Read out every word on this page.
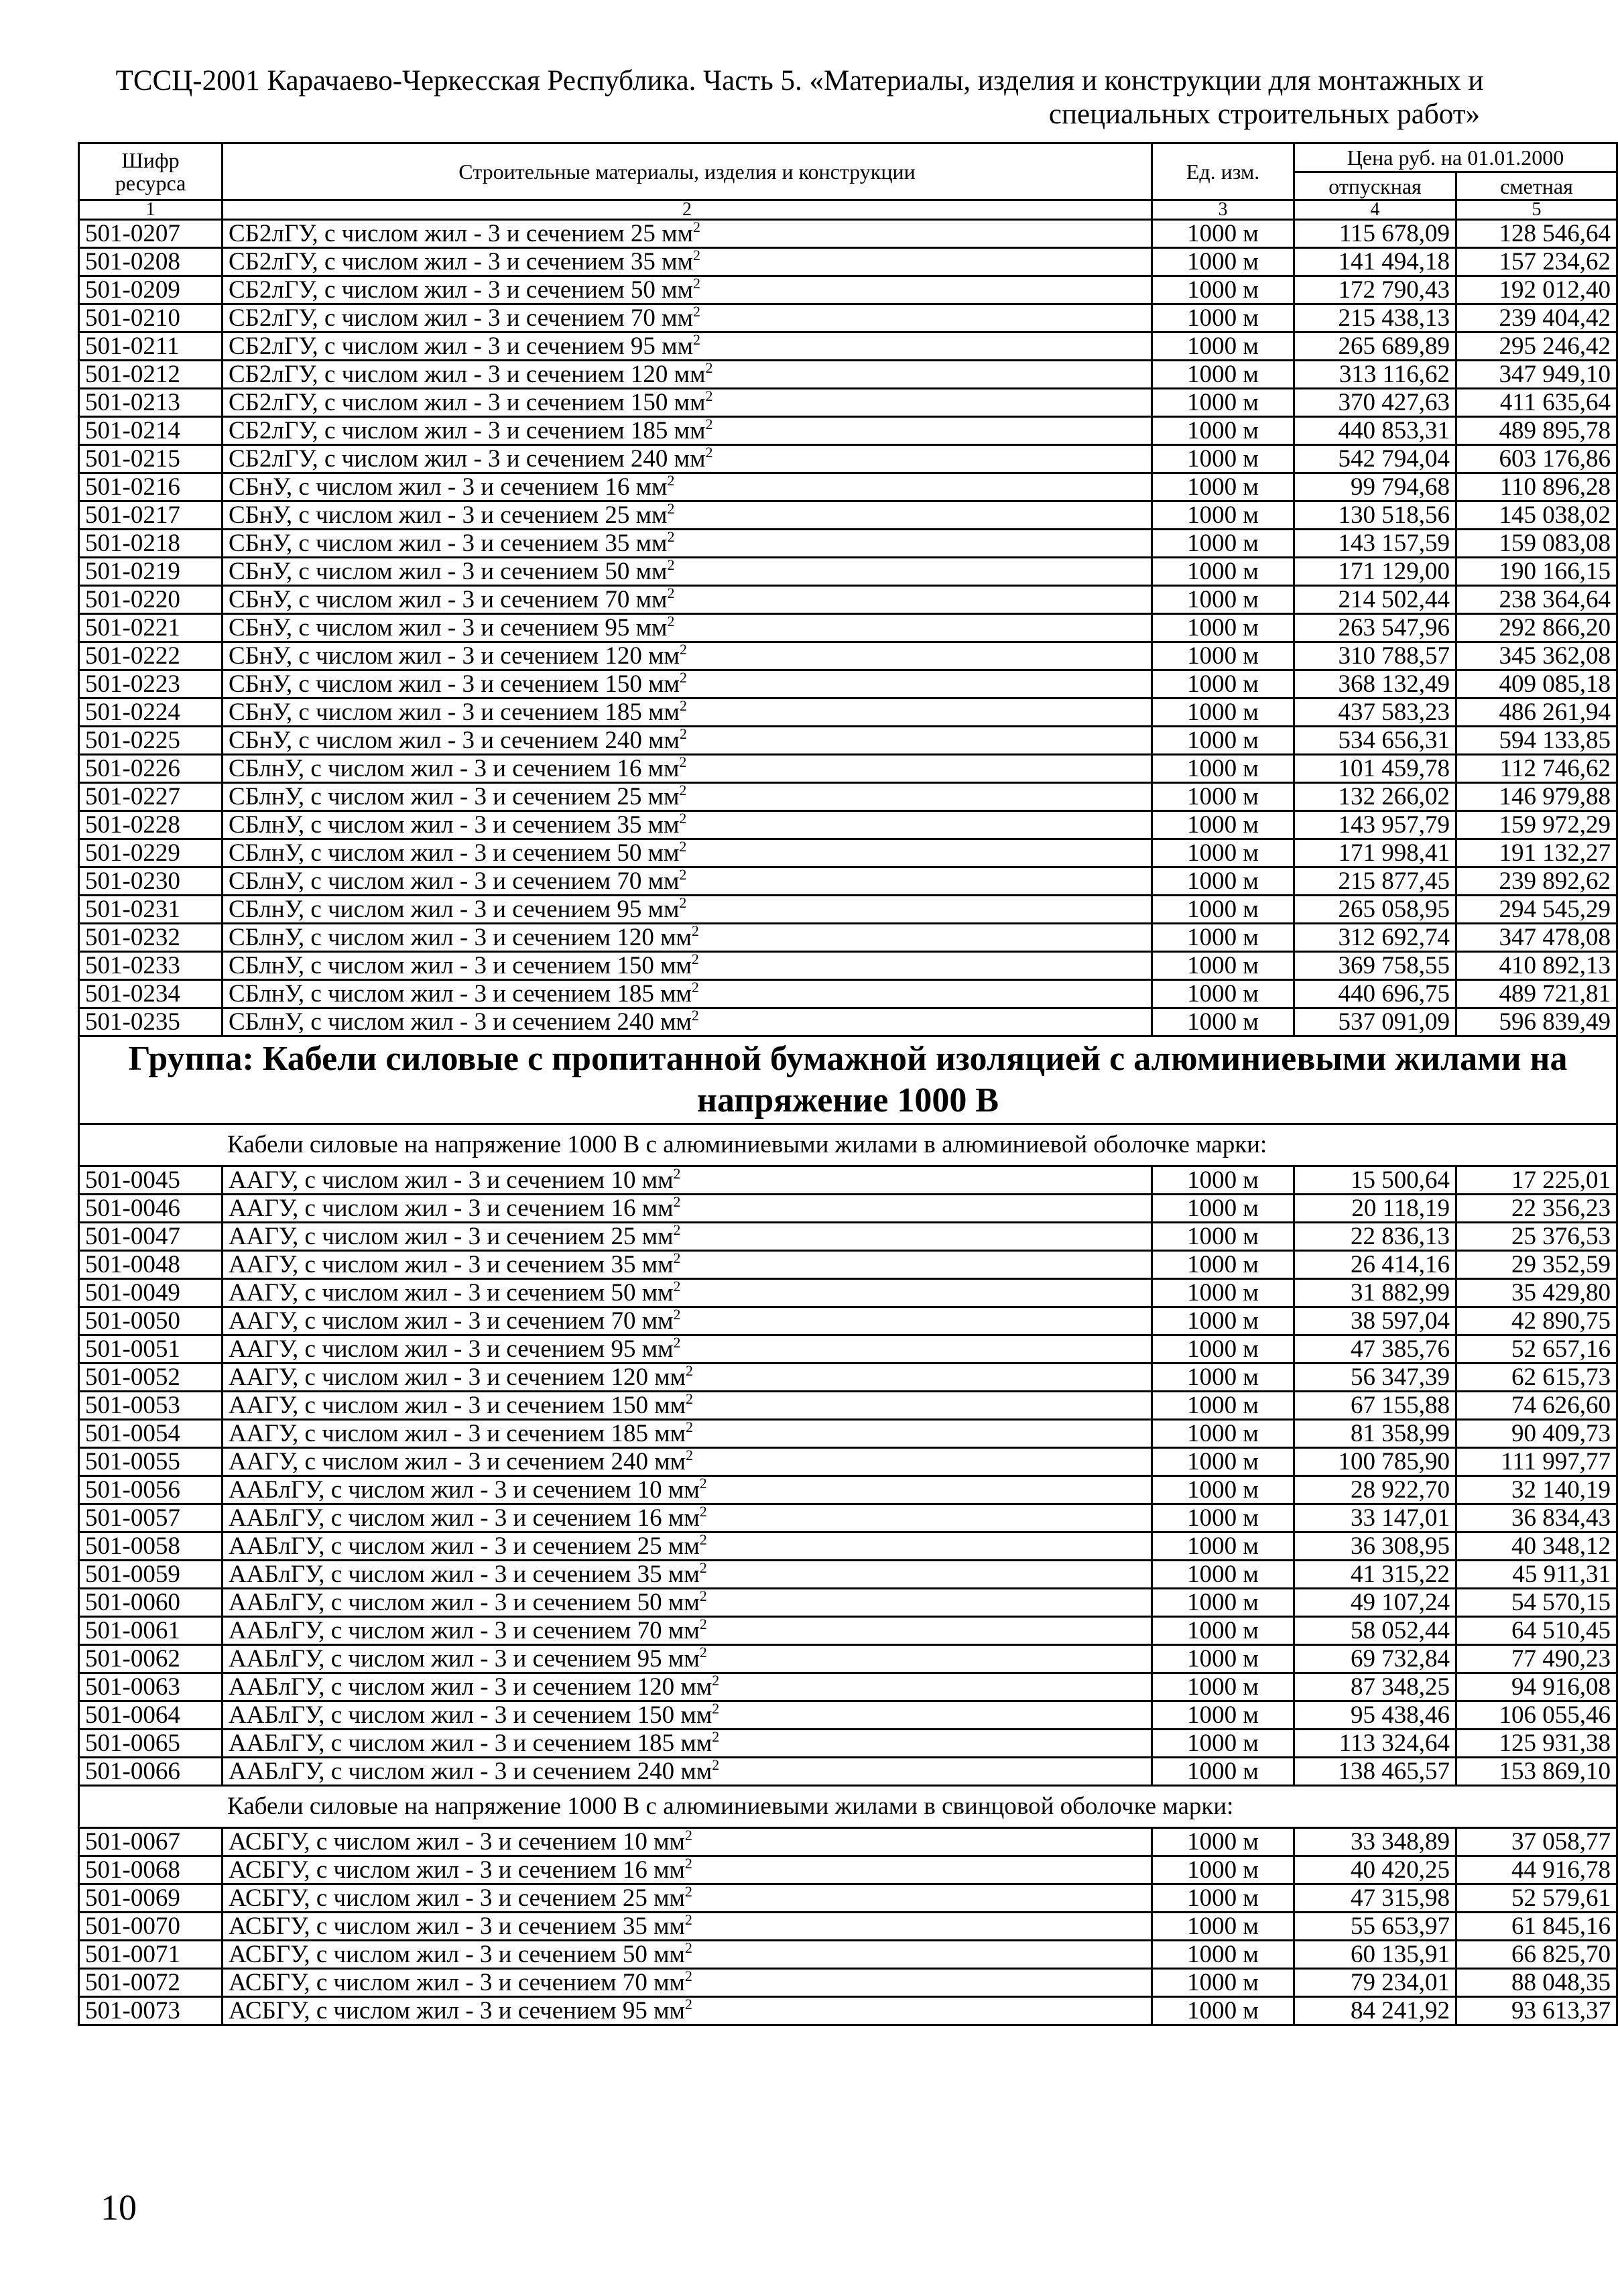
ТССЦ-2001 Карачаево-Черкесская Республика. Часть 5. «Материалы, изделия и конструкции для монтажных и
специальных строительных работ»
Шифр ресурса	Строительные материалы, изделия и конструкции	Ед. изм.	Цена руб. на 01.01.2000	
			отпускная	сметная
1	2	3	4	5
501-0207	СБ2лГУ, с числом жил - 3 и сечением 25 $мм^2$	1000 м	115 678,09	128 546,64
501-0208	СБ2лГУ, с числом жил - 3 и сечением 35 $мм^2$	1000 м	141 494,18	157 234,62
501-0209	СБ2лГУ, с числом жил - 3 и сечением 50 $мм^2$	1000 м	172 790,43	192 012,40
501-0210	СБ2лГУ, с числом жил - 3 и сечением 70 $мм^2$	1000 м	215 438,13	239 404,42
501-0211	СБ2лГУ, с числом жил - 3 и сечением 95 $мм^2$	1000 м	265 689,89	295 246,42
501-0212	СБ2лГУ, с числом жил - 3 и сечением 120 $мм^2$	1000 м	313 116,62	347 949,10
501-0213	СБ2лГУ, с числом жил - 3 и сечением 150 $мм^2$	1000 м	370 427,63	411 635,64
501-0214	СБ2лГУ, с числом жил - 3 и сечением 185 $мм^2$	1000 м	440 853,31	489 895,78
501-0215	СБ2лГУ, с числом жил - 3 и сечением 240 $мм^2$	1000 м	542 794,04	603 176,86
501-0216	СБнУ, с числом жил - 3 и сечением 16 $мм^2$	1000 м	99 794,68	110 896,28
501-0217	СБнУ, с числом жил - 3 и сечением 25 $мм^2$	1000 м	130 518,56	145 038,02
501-0218	СБнУ, с числом жил - 3 и сечением 35 $мм^2$	1000 м	143 157,59	159 083,08
501-0219	СБнУ, с числом жил - 3 и сечением 50 $мм^2$	1000 м	171 129,00	190 166,15
501-0220	СБнУ, с числом жил - 3 и сечением 70 $мм^2$	1000 м	214 502,44	238 364,64
501-0221	СБнУ, с числом жил - 3 и сечением 95 $мм^2$	1000 м	263 547,96	292 866,20
501-0222	СБнУ, с числом жил - 3 и сечением 120 $мм^2$	1000 м	310 788,57	345 362,08
501-0223	СБнУ, с числом жил - 3 и сечением 150 $мм^2$	1000 м	368 132,49	409 085,18
501-0224	СБнУ, с числом жил - 3 и сечением 185 $мм^2$	1000 м	437 583,23	486 261,94
501-0225	СБнУ, с числом жил - 3 и сечением 240 $мм^2$	1000 м	534 656,31	594 133,85
501-0226	СБлнУ, с числом жил - 3 и сечением 16 $мм^2$	1000 м	101 459,78	112 746,62
501-0227	СБлнУ, с числом жил - 3 и сечением 25 $мм^2$	1000 м	132 266,02	146 979,88
501-0228	СБлнУ, с числом жил - 3 и сечением 35 $мм^2$	1000 м	143 957,79	159 972,29
501-0229	СБлнУ, с числом жил - 3 и сечением 50 $мм^2$	1000 м	171 998,41	191 132,27
501-0230	СБлнУ, с числом жил - 3 и сечением 70 $мм^2$	1000 м	215 877,45	239 892,62
501-0231	СБлнУ, с числом жил - 3 и сечением 95 $мм^2$	1000 м	265 058,95	294 545,29
501-0232	СБлнУ, с числом жил - 3 и сечением 120 $мм^2$	1000 м	312 692,74	347 478,08
501-0233	СБлнУ, с числом жил - 3 и сечением 150 $мм^2$	1000 м	369 758,55	410 892,13
501-0234	СБлнУ, с числом жил - 3 и сечением 185 $мм^2$	1000 м	440 696,75	489 721,81
501-0235	СБлнУ, с числом жил - 3 и сечением 240 $мм^2$	1000 м	537 091,09	596 839,49
Группа: Кабели силовые с пропитанной бумажной изоляцией с алюминиевыми жилами на напряжение 1000 В				
Кабели силовые на напряжение 1000 В с алюминиевыми жилами в алюминиевой оболочке марки:				
501-0045	ААГУ, с числом жил - 3 и сечением 10 $мм^2$	1000 м	15 500,64	17 225,01
501-0046	ААГУ, с числом жил - 3 и сечением 16 $мм^2$	1000 м	20 118,19	22 356,23
501-0047	ААГУ, с числом жил - 3 и сечением 25 $мм^2$	1000 м	22 836,13	25 376,53
501-0048	ААГУ, с числом жил - 3 и сечением 35 $мм^2$	1000 м	26 414,16	29 352,59
501-0049	ААГУ, с числом жил - 3 и сечением 50 $мм^2$	1000 м	31 882,99	35 429,80
501-0050	ААГУ, с числом жил - 3 и сечением 70 $мм^2$	1000 м	38 597,04	42 890,75
501-0051	ААГУ, с числом жил - 3 и сечением 95 $мм^2$	1000 м	47 385,76	52 657,16
501-0052	ААГУ, с числом жил - 3 и сечением 120 $мм^2$	1000 м	56 347,39	62 615,73
501-0053	ААГУ, с числом жил - 3 и сечением 150 $мм^2$	1000 м	67 155,88	74 626,60
501-0054	ААГУ, с числом жил - 3 и сечением 185 $мм^2$	1000 м	81 358,99	90 409,73
501-0055	ААГУ, с числом жил - 3 и сечением 240 $мм^2$	1000 м	100 785,90	111 997,77
501-0056	ААБлГУ, с числом жил - 3 и сечением 10 $мм^2$	1000 м	28 922,70	32 140,19
501-0057	ААБлГУ, с числом жил - 3 и сечением 16 $мм^2$	1000 м	33 147,01	36 834,43
501-0058	ААБлГУ, с числом жил - 3 и сечением 25 $мм^2$	1000 м	36 308,95	40 348,12
501-0059	ААБлГУ, с числом жил - 3 и сечением 35 $мм^2$	1000 м	41 315,22	45 911,31
501-0060	ААБлГУ, с числом жил - 3 и сечением 50 $мм^2$	1000 м	49 107,24	54 570,15
501-0061	ААБлГУ, с числом жил - 3 и сечением 70 $мм^2$	1000 м	58 052,44	64 510,45
501-0062	ААБлГУ, с числом жил - 3 и сечением 95 $мм^2$	1000 м	69 732,84	77 490,23
501-0063	ААБлГУ, с числом жил - 3 и сечением 120 $мм^2$	1000 м	87 348,25	94 916,08
501-0064	ААБлГУ, с числом жил - 3 и сечением 150 $мм^2$	1000 м	95 438,46	106 055,46
501-0065	ААБлГУ, с числом жил - 3 и сечением 185 $мм^2$	1000 м	113 324,64	125 931,38
501-0066	ААБлГУ, с числом жил - 3 и сечением 240 $мм^2$	1000 м	138 465,57	153 869,10
Кабели силовые на напряжение 1000 В с алюминиевыми жилами в свинцовой оболочке марки:				
501-0067	АСБГУ, с числом жил - 3 и сечением 10 $мм^2$	1000 м	33 348,89	37 058,77
501-0068	АСБГУ, с числом жил - 3 и сечением 16 $мм^2$	1000 м	40 420,25	44 916,78
501-0069	АСБГУ, с числом жил - 3 и сечением 25 $мм^2$	1000 м	47 315,98	52 579,61
501-0070	АСБГУ, с числом жил - 3 и сечением 35 $мм^2$	1000 м	55 653,97	61 845,16
501-0071	АСБГУ, с числом жил - 3 и сечением 50 $мм^2$	1000 м	60 135,91	66 825,70
501-0072	АСБГУ, с числом жил - 3 и сечением 70 $мм^2$	1000 м	79 234,01	88 048,35
501-0073	АСБГУ, с числом жил - 3 и сечением 95 $мм^2$	1000 м	84 241,92	93 613,37
10
